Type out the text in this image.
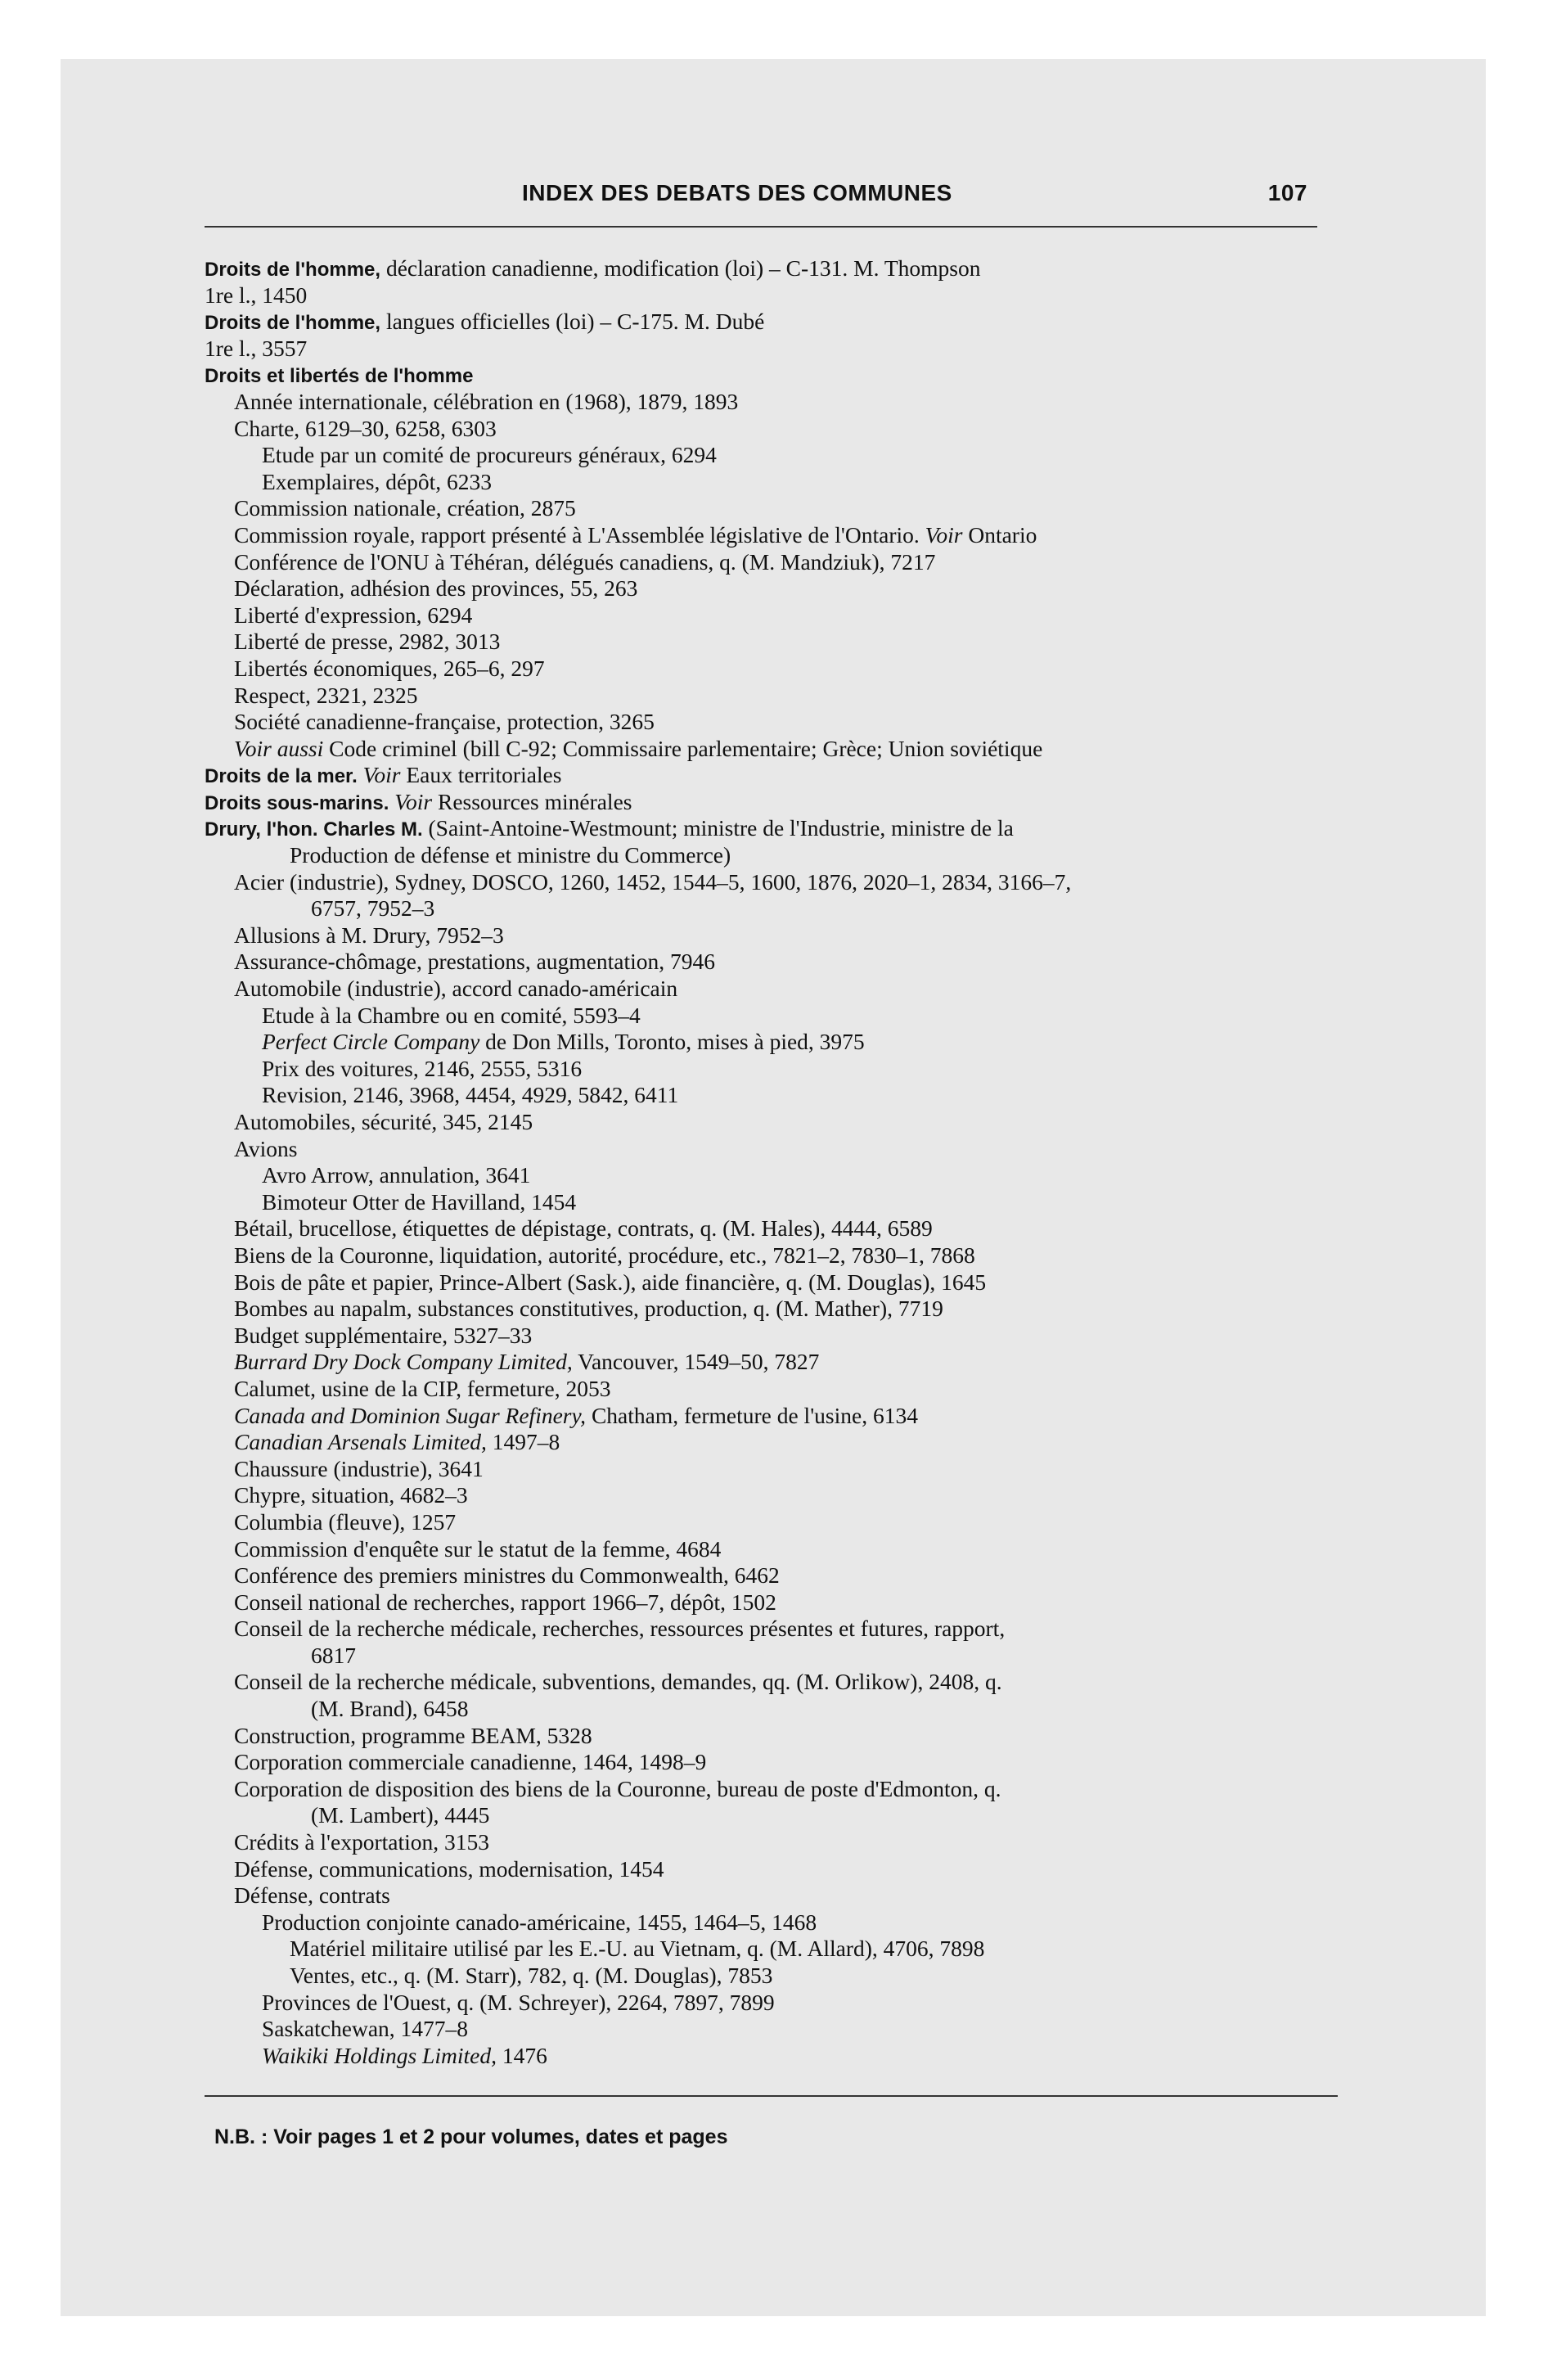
INDEX DES DEBATS DES COMMUNES	107
Droits de l'homme, déclaration canadienne, modification (loi) – C-131. M. Thompson
1re l., 1450
Droits de l'homme, langues officielles (loi) – C-175. M. Dubé
1re l., 3557
Droits et libertés de l'homme
Année internationale, célébration en (1968), 1879, 1893
Charte, 6129–30, 6258, 6303
Etude par un comité de procureurs généraux, 6294
Exemplaires, dépôt, 6233
Commission nationale, création, 2875
Commission royale, rapport présenté à L'Assemblée législative de l'Ontario. Voir Ontario
Conférence de l'ONU à Téhéran, délégués canadiens, q. (M. Mandziuk), 7217
Déclaration, adhésion des provinces, 55, 263
Liberté d'expression, 6294
Liberté de presse, 2982, 3013
Libertés économiques, 265–6, 297
Respect, 2321, 2325
Société canadienne-française, protection, 3265
Voir aussi Code criminel (bill C-92; Commissaire parlementaire; Grèce; Union soviétique
Droits de la mer. Voir Eaux territoriales
Droits sous-marins. Voir Ressources minérales
Drury, l'hon. Charles M. (Saint-Antoine-Westmount; ministre de l'Industrie, ministre de la
Production de défense et ministre du Commerce)
Acier (industrie), Sydney, DOSCO, 1260, 1452, 1544–5, 1600, 1876, 2020–1, 2834, 3166–7,
6757, 7952–3
Allusions à M. Drury, 7952–3
Assurance-chômage, prestations, augmentation, 7946
Automobile (industrie), accord canado-américain
Etude à la Chambre ou en comité, 5593–4
Perfect Circle Company de Don Mills, Toronto, mises à pied, 3975
Prix des voitures, 2146, 2555, 5316
Revision, 2146, 3968, 4454, 4929, 5842, 6411
Automobiles, sécurité, 345, 2145
Avions
Avro Arrow, annulation, 3641
Bimoteur Otter de Havilland, 1454
Bétail, brucellose, étiquettes de dépistage, contrats, q. (M. Hales), 4444, 6589
Biens de la Couronne, liquidation, autorité, procédure, etc., 7821–2, 7830–1, 7868
Bois de pâte et papier, Prince-Albert (Sask.), aide financière, q. (M. Douglas), 1645
Bombes au napalm, substances constitutives, production, q. (M. Mather), 7719
Budget supplémentaire, 5327–33
Burrard Dry Dock Company Limited, Vancouver, 1549–50, 7827
Calumet, usine de la CIP, fermeture, 2053
Canada and Dominion Sugar Refinery, Chatham, fermeture de l'usine, 6134
Canadian Arsenals Limited, 1497–8
Chaussure (industrie), 3641
Chypre, situation, 4682–3
Columbia (fleuve), 1257
Commission d'enquête sur le statut de la femme, 4684
Conférence des premiers ministres du Commonwealth, 6462
Conseil national de recherches, rapport 1966–7, dépôt, 1502
Conseil de la recherche médicale, recherches, ressources présentes et futures, rapport,
6817
Conseil de la recherche médicale, subventions, demandes, qq. (M. Orlikow), 2408, q.
(M. Brand), 6458
Construction, programme BEAM, 5328
Corporation commerciale canadienne, 1464, 1498–9
Corporation de disposition des biens de la Couronne, bureau de poste d'Edmonton, q.
(M. Lambert), 4445
Crédits à l'exportation, 3153
Défense, communications, modernisation, 1454
Défense, contrats
Production conjointe canado-américaine, 1455, 1464–5, 1468
Matériel militaire utilisé par les E.-U. au Vietnam, q. (M. Allard), 4706, 7898
Ventes, etc., q. (M. Starr), 782, q. (M. Douglas), 7853
Provinces de l'Ouest, q. (M. Schreyer), 2264, 7897, 7899
Saskatchewan, 1477–8
Waikiki Holdings Limited, 1476
N.B. : Voir pages 1 et 2 pour volumes, dates et pages
